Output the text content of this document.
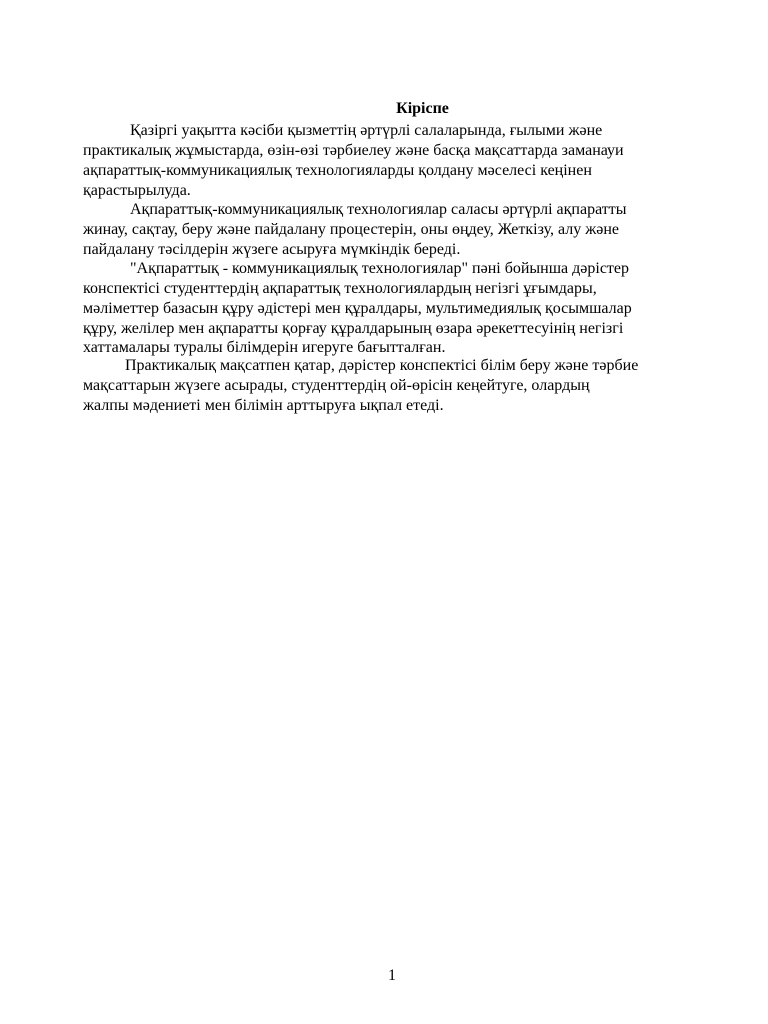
Кіріспе

Қазіргі уақытта кәсіби қызметтің әртүрлі салаларында, ғылыми және

практикалық жұмыстарда, өзін-өзі тәрбиелеу және басқа мақсаттарда заманауи

ақпараттық-коммуникациялық технологияларды қолдану мәселесі кеңінен

қарастырылуда.

Ақпараттық-коммуникациялық технологиялар саласы әртүрлі ақпаратты

жинау, сақтау, беру және пайдалану процестерін, оны өңдеу, Жеткізу, алу және

пайдалану тәсілдерін жүзеге асыруға мүмкіндік береді.

"Ақпараттық - коммуникациялық технологиялар" пәні бойынша дәрістер

конспектісі студенттердің ақпараттық технологиялардың негізгі ұғымдары,

мәліметтер базасын құру әдістері мен құралдары, мультимедиялық қосымшалар

құру, желілер мен ақпаратты қорғау құралдарының өзара әрекеттесуінің негізгі

хаттамалары туралы білімдерін игеруге бағытталған.

Практикалық мақсатпен қатар, дәрістер конспектісі білім беру және тәрбие

мақсаттарын жүзеге асырады, студенттердің ой-өрісін кеңейтуге, олардың

жалпы мәдениеті мен білімін арттыруға ықпал етеді.

1
